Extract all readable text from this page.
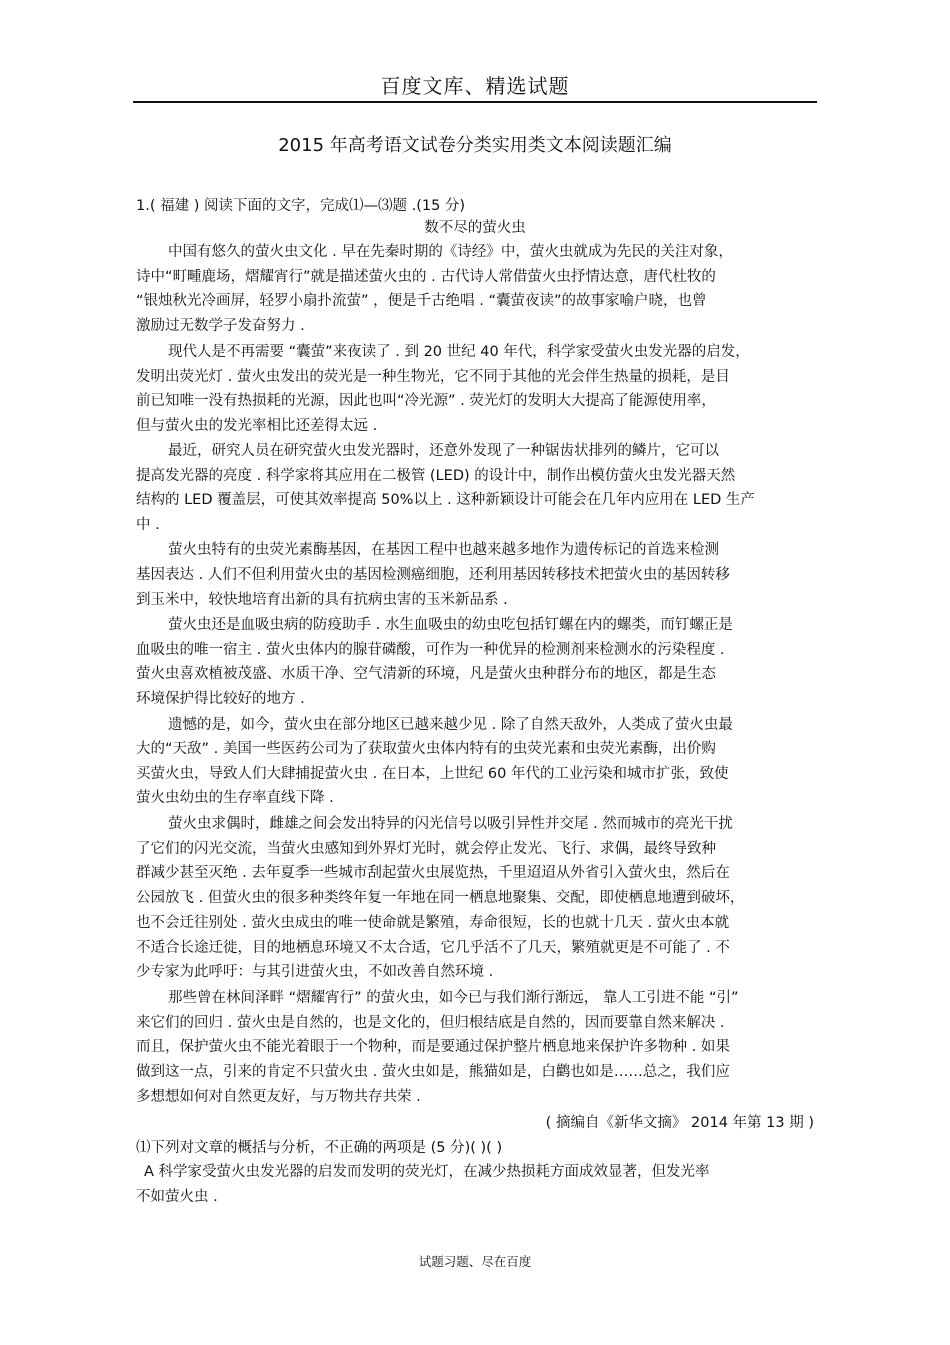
百度文库、精选试题
2015 年高考语文试卷分类实用类文本阅读题汇编
1.( 福建 ) 阅读下面的文字，完成⑴—⑶题 .(15 分)
数不尽的萤火虫
中国有悠久的萤火虫文化 . 早在先秦时期的《诗经》中，萤火虫就成为先民的关注对象，
诗中“町畽鹿场，熠耀宵行”就是描述萤火虫的 . 古代诗人常借萤火虫抒情达意，唐代杜牧的
“银烛秋光冷画屏，轻罗小扇扑流萤” ，便是千古绝唱 . “囊萤夜读”的故事家喻户晓，也曾
激励过无数学子发奋努力 .
现代人是不再需要 “囊萤”来夜读了 . 到 20 世纪 40 年代，科学家受萤火虫发光器的启发，
发明出荧光灯 . 萤火虫发出的荧光是一种生物光，它不同于其他的光会伴生热量的损耗，是目
前已知唯一没有热损耗的光源，因此也叫“冷光源” . 荧光灯的发明大大提高了能源使用率，
但与萤火虫的发光率相比还差得太远 .
最近，研究人员在研究萤火虫发光器时，还意外发现了一种锯齿状排列的鳞片，它可以
提高发光器的亮度 . 科学家将其应用在二极管 (LED) 的设计中，制作出模仿萤火虫发光器天然
结构的 LED 覆盖层，可使其效率提高 50%以上 . 这种新颖设计可能会在几年内应用在 LED 生产
中 .
萤火虫特有的虫荧光素酶基因，在基因工程中也越来越多地作为遗传标记的首选来检测
基因表达 . 人们不但利用萤火虫的基因检测癌细胞，还利用基因转移技术把萤火虫的基因转移
到玉米中，较快地培育出新的具有抗病虫害的玉米新品系 .
萤火虫还是血吸虫病的防疫助手 . 水生血吸虫的幼虫吃包括钉螺在内的螺类，而钉螺正是
血吸虫的唯一宿主 . 萤火虫体内的腺苷磷酸，可作为一种优异的检测剂来检测水的污染程度 .
萤火虫喜欢植被茂盛、水质干净、空气清新的环境，凡是萤火虫种群分布的地区，都是生态
环境保护得比较好的地方 .
遗憾的是，如今，萤火虫在部分地区已越来越少见 . 除了自然天敌外，人类成了萤火虫最
大的“天敌” . 美国一些医药公司为了获取萤火虫体内特有的虫荧光素和虫荧光素酶，出价购
买萤火虫，导致人们大肆捕捉萤火虫 . 在日本，上世纪 60 年代的工业污染和城市扩张，致使
萤火虫幼虫的生存率直线下降 .
萤火虫求偶时，雌雄之间会发出特异的闪光信号以吸引异性并交尾 . 然而城市的亮光干扰
了它们的闪光交流，当萤火虫感知到外界灯光时，就会停止发光、飞行、求偶，最终导致种
群减少甚至灭绝 . 去年夏季一些城市刮起萤火虫展览热，千里迢迢从外省引入萤火虫，然后在
公园放飞 . 但萤火虫的很多种类终年复一年地在同一栖息地聚集、交配，即使栖息地遭到破坏，
也不会迁往别处 . 萤火虫成虫的唯一使命就是繁殖，寿命很短，长的也就十几天 . 萤火虫本就
不适合长途迁徙，目的地栖息环境又不太合适，它几乎活不了几天，繁殖就更是不可能了 . 不
少专家为此呼吁：与其引进萤火虫，不如改善自然环境 .
那些曾在林间泽畔 “熠耀宵行” 的萤火虫，如今已与我们渐行渐远， 靠人工引进不能 “引”
来它们的回归 . 萤火虫是自然的，也是文化的，但归根结底是自然的，因而要靠自然来解决 .
而且，保护萤火虫不能光着眼于一个物种，而是要通过保护整片栖息地来保护许多物种 . 如果
做到这一点，引来的肯定不只萤火虫 . 萤火虫如是，熊猫如是，白鹳也如是……总之，我们应
多想想如何对自然更友好，与万物共存共荣 .
( 摘编自《新华文摘》 2014 年第 13 期 )
⑴下列对文章的概括与分析，不正确的两项是 (5 分)( )( )
A 科学家受萤火虫发光器的启发而发明的荧光灯，在减少热损耗方面成效显著，但发光率
不如萤火虫 .
试题习题、尽在百度
